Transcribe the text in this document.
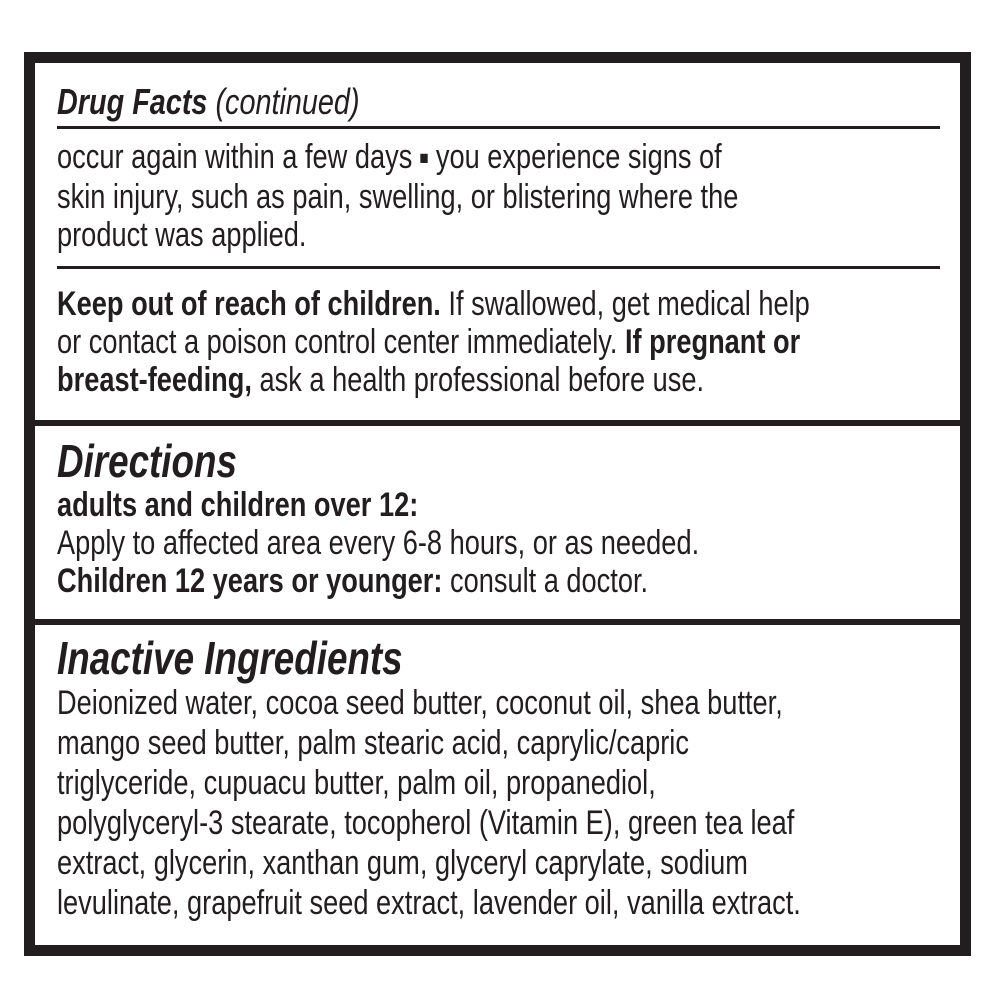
Drug Facts (continued)
occur again within a few days ■ you experience signs of
skin injury, such as pain, swelling, or blistering where the
product was applied.
Keep out of reach of children. If swallowed, get medical help
or contact a poison control center immediately. If pregnant or
breast-feeding, ask a health professional before use.
Directions
adults and children over 12:
Apply to affected area every 6-8 hours, or as needed.
Children 12 years or younger: consult a doctor.
Inactive Ingredients
Deionized water, cocoa seed butter, coconut oil, shea butter,
mango seed butter, palm stearic acid, caprylic/capric
triglyceride, cupuacu butter, palm oil, propanediol,
polyglyceryl-3 stearate, tocopherol (Vitamin E), green tea leaf
extract, glycerin, xanthan gum, glyceryl caprylate, sodium
levulinate, grapefruit seed extract, lavender oil, vanilla extract.
